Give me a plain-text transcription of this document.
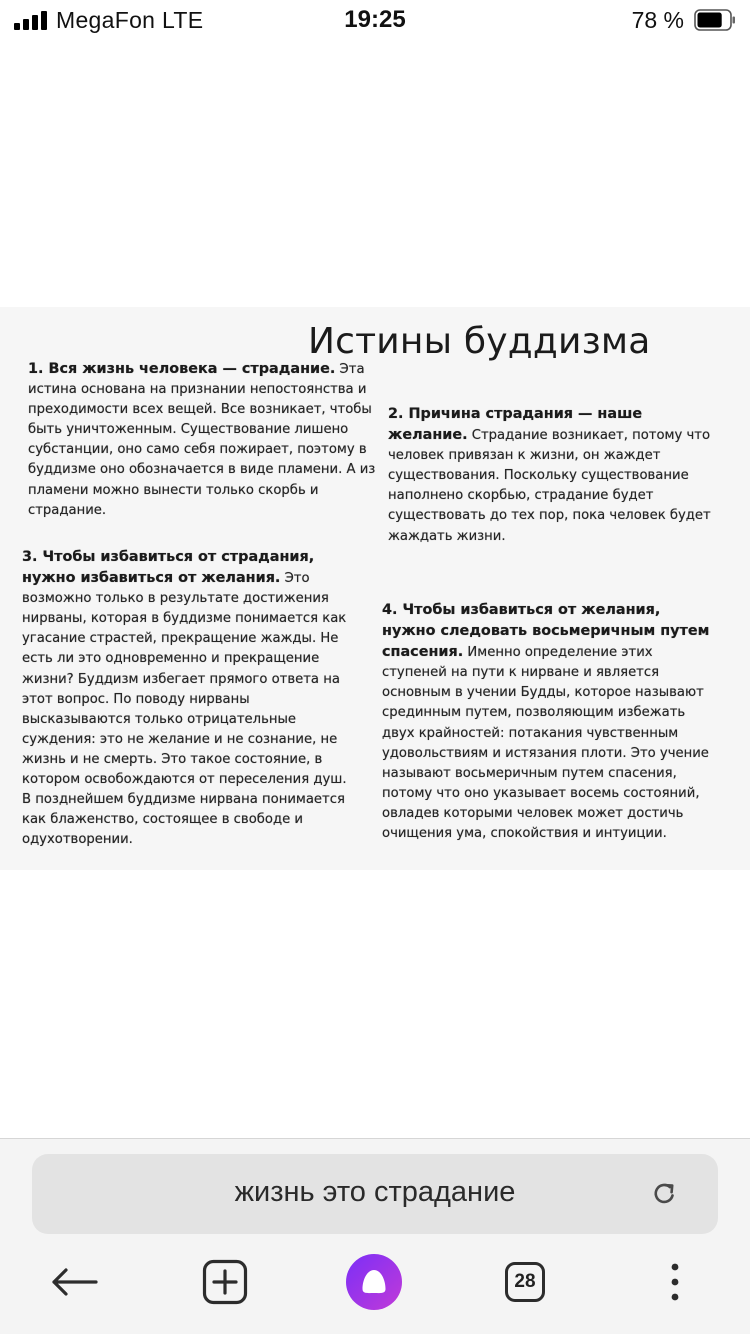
MegaFon LTE	19:25	78 %
Истины буддизма
1. Вся жизнь человека — страдание. Эта истина основана на признании непостоянства и преходимости всех вещей. Все возникает, чтобы быть уничтоженным. Существование лишено субстанции, оно само себя пожирает, поэтому в буддизме оно обозначается в виде пламени. А из пламени можно вынести только скорбь и страдание.
2. Причина страдания — наше желание. Страдание возникает, потому что человек привязан к жизни, он жаждет существования. Поскольку существование наполнено скорбью, страдание будет существовать до тех пор, пока человек будет жаждать жизни.
3. Чтобы избавиться от страдания, нужно избавиться от желания. Это возможно только в результате достижения нирваны, которая в буддизме понимается как угасание страстей, прекращение жажды. Не есть ли это одновременно и прекращение жизни? Буддизм избегает прямого ответа на этот вопрос. По поводу нирваны высказываются только отрицательные суждения: это не желание и не сознание, не жизнь и не смерть. Это такое состояние, в котором освобождаются от переселения душ. В позднейшем буддизме нирвана понимается как блаженство, состоящее в свободе и одухотворении.
4. Чтобы избавиться от желания, нужно следовать восьмеричным путем спасения. Именно определение этих ступеней на пути к нирване и является основным в учении Будды, которое называют срединным путем, позволяющим избежать двух крайностей: потакания чувственным удовольствиям и истязания плоти. Это учение называют восьмеричным путем спасения, потому что оно указывает восемь состояний, овладев которыми человек может достичь очищения ума, спокойствия и интуиции.
жизнь это страдание
28
